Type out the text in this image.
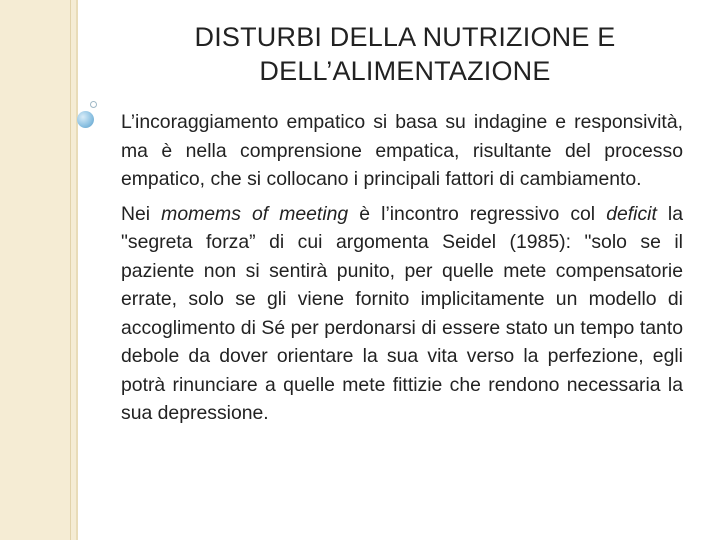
DISTURBI DELLA NUTRIZIONE E
DELL’ALIMENTAZIONE

L’incoraggiamento empatico si basa su indagine e responsività, ma è nella comprensione empatica, risultante del processo empatico, che si collocano i principali fattori di cambiamento.

Nei momems of meeting è l’incontro regressivo col deficit la "segreta forza” di cui argomenta Seidel (1985): "solo se il paziente non si sentirà punito, per quelle mete compensatorie errate, solo se gli viene fornito implicitamente un modello di accoglimento di Sé per perdonarsi di essere stato un tempo tanto debole da dover orientare la sua vita verso la perfezione, egli potrà rinunciare a quelle mete fittizie che rendono necessaria la sua depressione.
